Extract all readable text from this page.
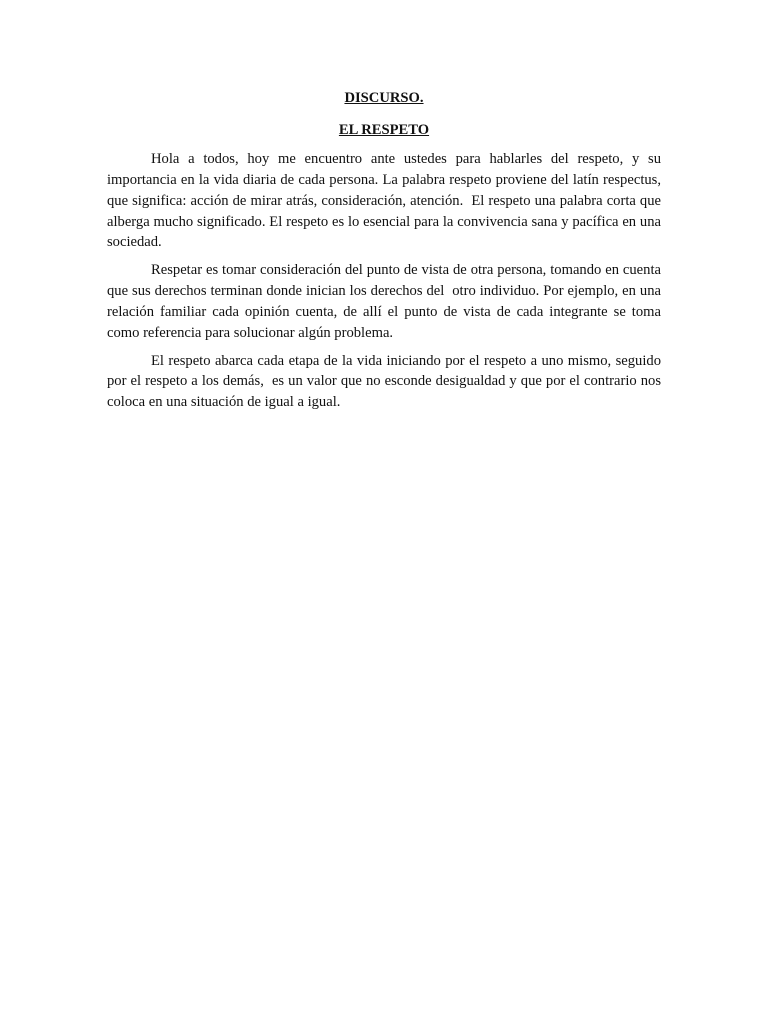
DISCURSO.

EL RESPETO

Hola a todos, hoy me encuentro ante ustedes para hablarles del respeto, y su importancia en la vida diaria de cada persona. La palabra respeto proviene del latín respectus, que significa: acción de mirar atrás, consideración, atención.  El respeto una palabra corta que alberga mucho significado. El respeto es lo esencial para la convivencia sana y pacífica en una sociedad.

Respetar es tomar consideración del punto de vista de otra persona, tomando en cuenta que sus derechos terminan donde inician los derechos del  otro individuo. Por ejemplo, en una relación familiar cada opinión cuenta, de allí el punto de vista de cada integrante se toma como referencia para solucionar algún problema.

El respeto abarca cada etapa de la vida iniciando por el respeto a uno mismo, seguido por el respeto a los demás,  es un valor que no esconde desigualdad y que por el contrario nos coloca en una situación de igual a igual.
